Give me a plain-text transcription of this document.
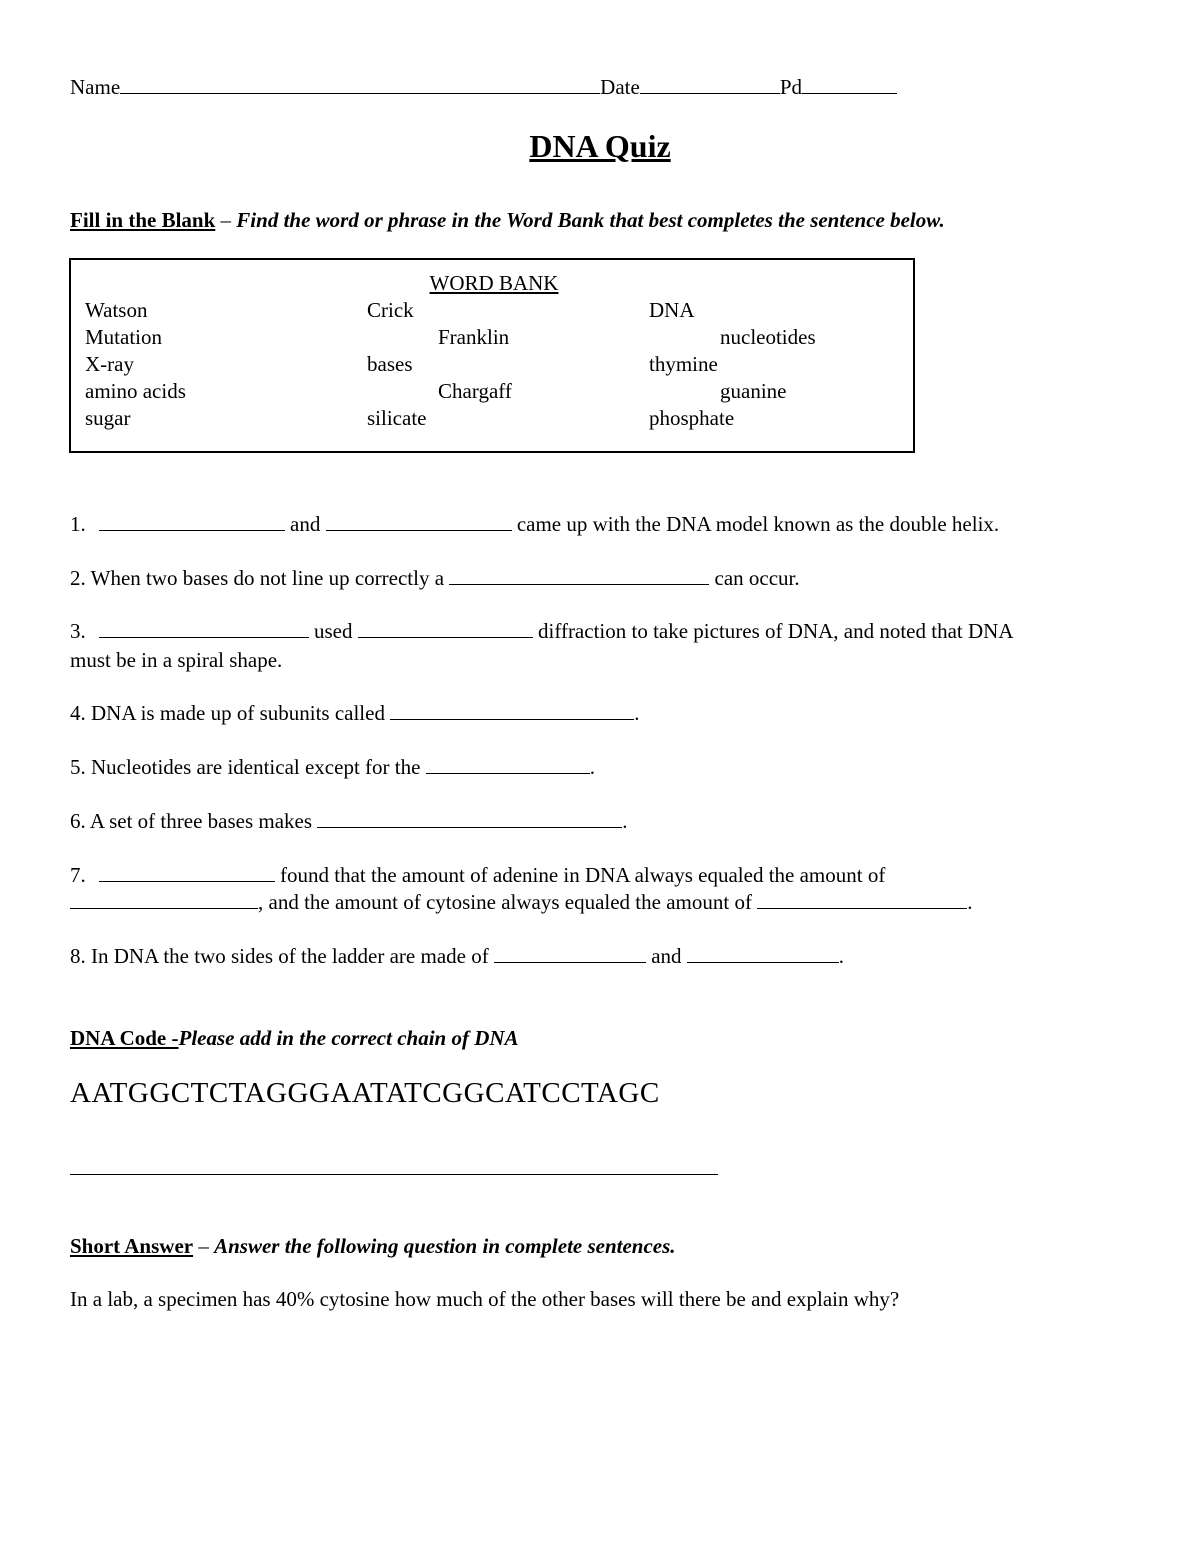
Name	Date	Pd
DNA Quiz
Fill in the Blank – Find the word or phrase in the Word Bank that best completes the sentence below.
WORD BANK
Watson	Crick	DNA
Mutation	Franklin	nucleotides
X-ray	bases	thymine
amino acids	Chargaff	guanine
sugar	silicate	phosphate
1.	and	came up with the DNA model known as the double helix.
2. When two bases do not line up correctly a	can occur.
3.	used	diffraction to take pictures of DNA, and noted that DNA
must be in a spiral shape.
4. DNA is made up of subunits called	.
5. Nucleotides are identical except for the	.
6. A set of three bases makes	.
7.	found that the amount of adenine in DNA always equaled the amount of
, and the amount of cytosine always equaled the amount of	.
8. In DNA the two sides of the ladder are made of	and	.
DNA Code -Please add in the correct chain of DNA
AATGGCTCTAGGGAATATCGGCATCCTAGC
Short Answer – Answer the following question in complete sentences.
In a lab, a specimen has 40% cytosine how much of the other bases will there be and explain why?
